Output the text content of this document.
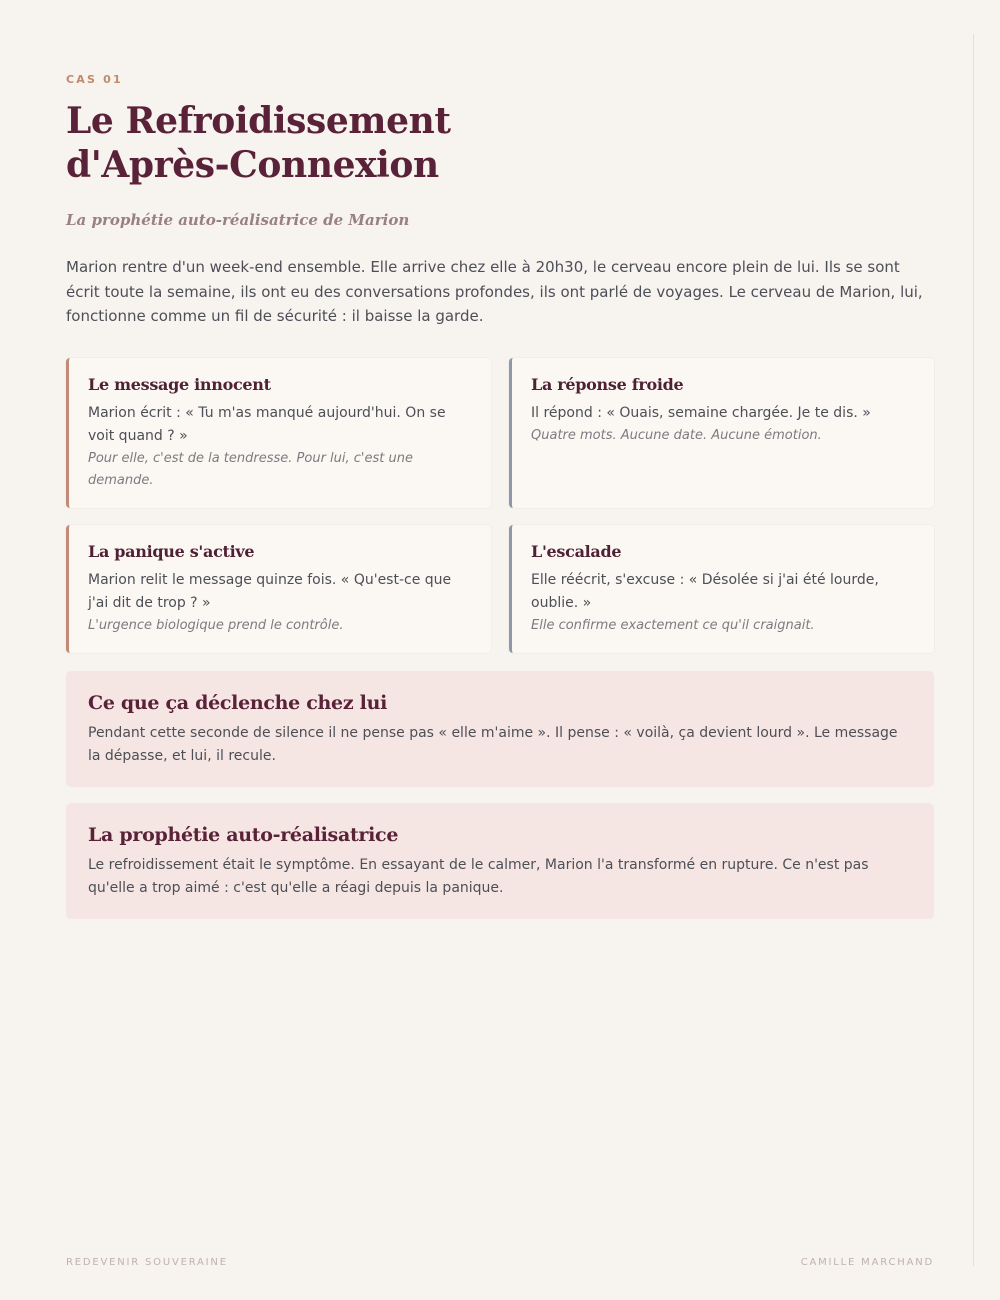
CAS 01
Le Refroidissement d'Après-Connexion
La prophétie auto-réalisatrice de Marion

Marion rentre d'un week-end ensemble. Elle arrive chez elle à 20h30, le cerveau encore plein de lui. Ils se sont écrit toute la semaine, ils ont eu des conversations profondes, ils ont parlé de voyages. Le cerveau de Marion, lui, fonctionne comme un fil de sécurité : il baisse la garde.

Le message innocent
Marion écrit : « Tu m'as manqué aujourd'hui. On se voit quand ? »
Pour elle, c'est de la tendresse. Pour lui, c'est une demande.
La réponse froide
Il répond : « Ouais, semaine chargée. Je te dis. »
Quatre mots. Aucune date. Aucune émotion.
La panique s'active
Marion relit le message quinze fois. « Qu'est-ce que j'ai dit de trop ? »
L'urgence biologique prend le contrôle.
L'escalade
Elle réécrit, s'excuse : « Désolée si j'ai été lourde, oublie. »
Elle confirme exactement ce qu'il craignait.
Ce que ça déclenche chez lui
Pendant cette seconde de silence il ne pense pas « elle m'aime ». Il pense : « voilà, ça devient lourd ». Le message la dépasse, et lui, il recule.
La prophétie auto-réalisatrice
Le refroidissement était le symptôme. En essayant de le calmer, Marion l'a transformé en rupture. Ce n'est pas qu'elle a trop aimé : c'est qu'elle a réagi depuis la panique.
REDEVENIR SOUVERAINE	CAMILLE MARCHAND
